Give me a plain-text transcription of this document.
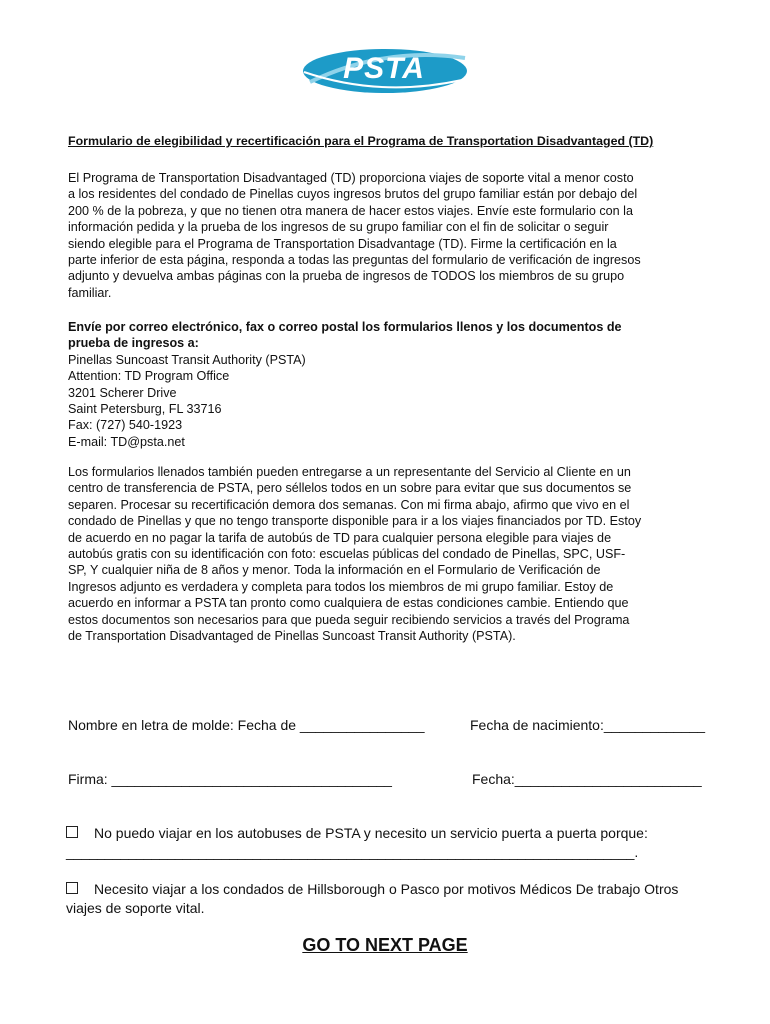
PSTA
Formulario de elegibilidad y recertificación para el Programa de Transportation Disadvantaged (TD)
El Programa de Transportation Disadvantaged (TD) proporciona viajes de soporte vital a menor costo
a los residentes del condado de Pinellas cuyos ingresos brutos del grupo familiar están por debajo del
200 % de la pobreza, y que no tienen otra manera de hacer estos viajes. Envíe este formulario con la
información pedida y la prueba de los ingresos de su grupo familiar con el fin de solicitar o seguir
siendo elegible para el Programa de Transportation Disadvantage (TD). Firme la certificación en la
parte inferior de esta página, responda a todas las preguntas del formulario de verificación de ingresos
adjunto y devuelva ambas páginas con la prueba de ingresos de TODOS los miembros de su grupo
familiar.
Envíe por correo electrónico, fax o correo postal los formularios llenos y los documentos de
prueba de ingresos a:
Pinellas Suncoast Transit Authority (PSTA)
Attention: TD Program Office
3201 Scherer Drive
Saint Petersburg, FL 33716
Fax: (727) 540-1923
E-mail: TD@psta.net
Los formularios llenados también pueden entregarse a un representante del Servicio al Cliente en un
centro de transferencia de PSTA, pero séllelos todos en un sobre para evitar que sus documentos se
separen. Procesar su recertificación demora dos semanas. Con mi firma abajo, afirmo que vivo en el
condado de Pinellas y que no tengo transporte disponible para ir a los viajes financiados por TD. Estoy
de acuerdo en no pagar la tarifa de autobús de TD para cualquier persona elegible para viajes de
autobús gratis con su identificación con foto: escuelas públicas del condado de Pinellas, SPC, USF-
SP, Y cualquier niña de 8 años y menor. Toda la información en el Formulario de Verificación de
Ingresos adjunto es verdadera y completa para todos los miembros de mi grupo familiar. Estoy de
acuerdo en informar a PSTA tan pronto como cualquiera de estas condiciones cambie. Entiendo que
estos documentos son necesarios para que pueda seguir recibiendo servicios a través del Programa
de Transportation Disadvantaged de Pinellas Suncoast Transit Authority (PSTA).
Nombre en letra de molde: Fecha de ________________	Fecha de nacimiento:_____________
Firma: ____________________________________	Fecha:________________________
No puedo viajar en los autobuses de PSTA y necesito un servicio puerta a puerta porque:
_________________________________________________________________________.
Necesito viajar a los condados de Hillsborough o Pasco por motivos Médicos De trabajo Otros
viajes de soporte vital.
GO TO NEXT PAGE
